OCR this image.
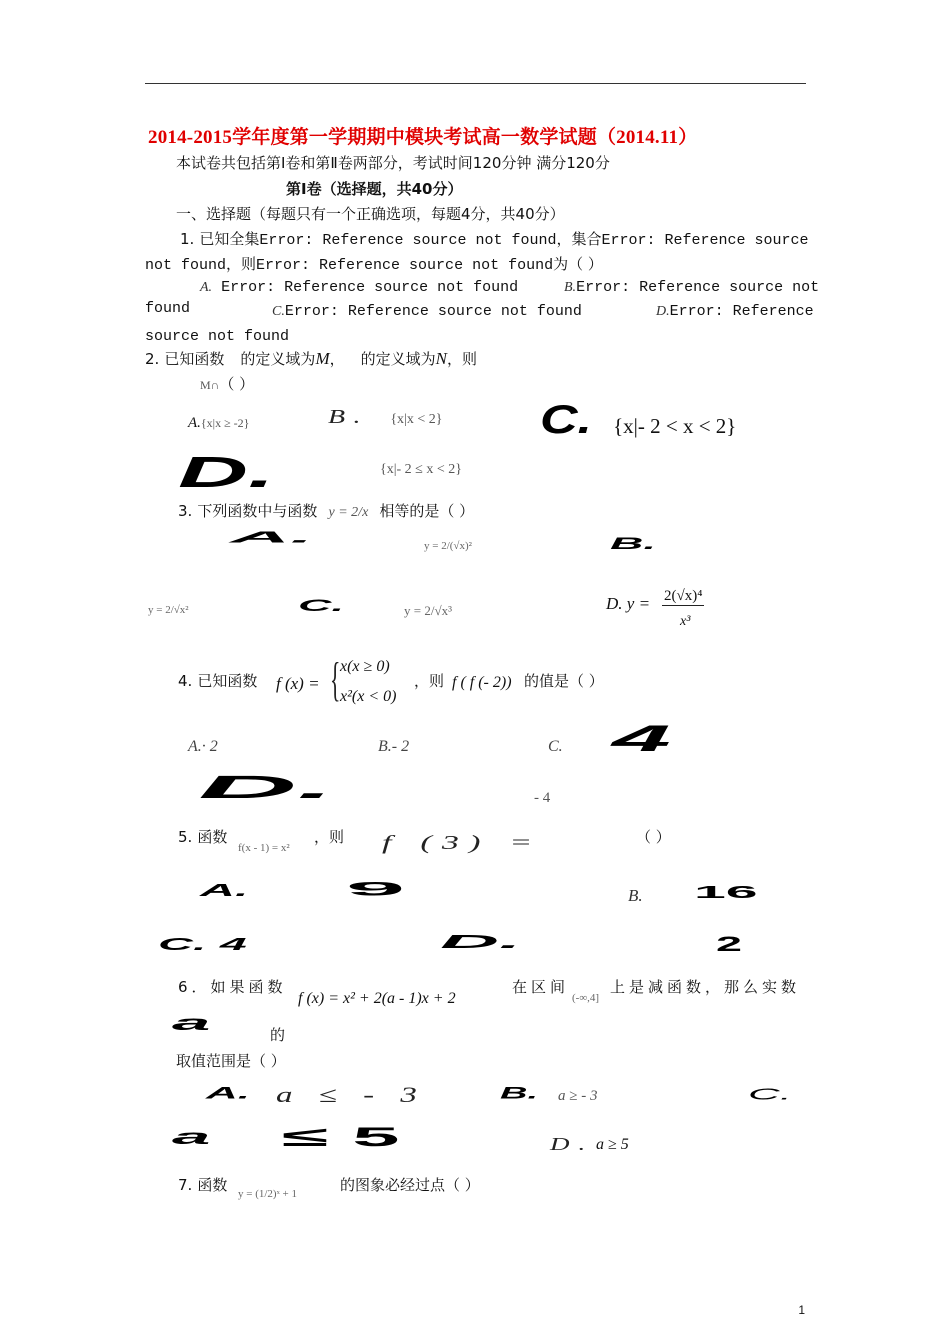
2014-2015学年度第一学期期中模块考试高一数学试题（2014.11）
本试卷共包括第Ⅰ卷和第Ⅱ卷两部分，考试时间120分钟 满分120分
第Ⅰ卷（选择题，共40分）
一、选择题（每题只有一个正确选项，每题4分，共40分）
1. 已知全集Error: Reference source not found，集合Error: Reference source
not found，则Error: Reference source not found为（ ）
A. Error: Reference source not found	B.Error: Reference source not
found	C.Error: Reference source not found	D.Error: Reference
source not found
2. 已知函数 的定义域为M， 的定义域为N，则
M∩（ ）
A.{x|x ≥ -2}	B. {x|x < 2} C. {x|- 2 < x < 2}
D.	{x|- 2 ≤ x < 2}
3. 下列函数中与函数 y = 2/x 相等的是（ ）
A.	y = 2/(√x)²	B.
y = 2/√x²	C.	y = 2/√x³	D. y = 2(√x)⁴
x³
4. 已知函数 f (x) = { x(x ≥ 0)
x²(x < 0)
，则 f ( f (- 2)) 的值是（ ）
A.· 2	B.- 2	C. 4
D.	- 4
5. 函数
f(x - 1) = x²
，则 f (3) =	（ ）
A.	9	B. 16
C. 4	D.	2
6．如果函数
f (x) = x² + 2(a - 1)x + 2
在区间
(-∞,4]
上是减函数，那么实数
a	的
取值范围是（ ）
A. a ≤ - 3	B. a ≥ - 3	C.
a ≤ 5	D. a ≥ 5
7. 函数 y = (1/2)ˣ + 1	的图象必经过点（ ）
1
